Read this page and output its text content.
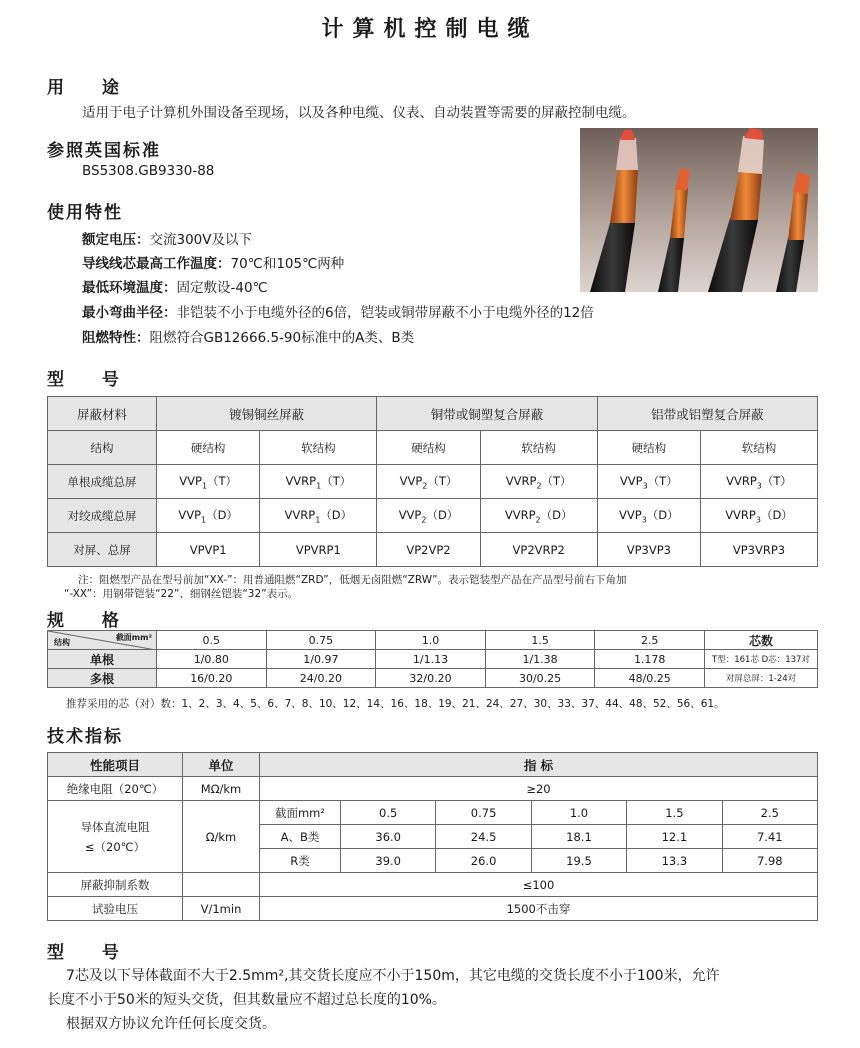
计算机控制电缆
用 途
适用于电子计算机外围设备至现场，以及各种电缆、仪表、自动装置等需要的屏蔽控制电缆。
参照英国标准
BS5308.GB9330-88
使用特性
额定电压：交流300V及以下
导线线芯最高工作温度：70℃和105℃两种
最低环境温度：固定敷设-40℃
最小弯曲半径：非铠装不小于电缆外径的6倍，铠装或铜带屏蔽不小于电缆外径的12倍
阻燃特性：阻燃符合GB12666.5-90标准中的A类、B类
型 号
屏蔽材料	镀锡铜丝屏蔽		铜带或铜塑复合屏蔽		铝带或铝塑复合屏蔽	
结构	硬结构	软结构	硬结构	软结构	硬结构	软结构
单根成缆总屏	$VVP_1(T)$	$VVRP_1(T)$	$VVP_2(T)$	$VVRP_2(T)$	$VVP_3(T)$	$VVRP_3(T)$
对绞成缆总屏	$VVP_1(D)$	$VVRP_1(D)$	$VVP_2(D)$	$VVRP_2(D)$	$VVP_3(D)$	$VVRP_3(D)$
对屏、总屏	VPVP1	VPVRP1	VP2VP2	VP2VRP2	VP3VP3	VP3VRP3
注：阻燃型产品在型号前加“XX-”：用普通阻燃“ZRD”，低烟无卤阻燃“ZRW”。表示铠装型产品在产品型号前右下角加
“-XX”：用钢带铠装“22”、细钢丝铠装“32”表示。
规 格
截面mm²
结构	0.5	0.75	1.0	1.5	2.5	芯数
单根	1/0.80	1/0.97	1/1.13	1/1.38	1.178	T型：161芯 D芯：137对
多根	16/0.20	24/0.20	32/0.20	30/0.25	48/0.25	对屏总屏：1-24对
推荐采用的芯（对）数：1、2、3、4、5、6、7、8、10、12、14、16、18、19、21、24、27、30、33、37、44、48、52、56、61。
技术指标
性能项目	单位	指 标					
绝缘电阻（20℃）	MΩ/km	≥20					

导体直流电阻
≤（20℃）	Ω/km	截面mm²	0.5	0.75	1.0	1.5	2.5
		A、B类	36.0	24.5	18.1	12.1	7.41
		R类	39.0	26.0	19.5	13.3	7.98
屏蔽抑制系数		≤100					
试验电压	V/1min	1500不击穿					
型 号
7芯及以下导体截面不大于2.5mm²,其交货长度应不小于150m，其它电缆的交货长度不小于100米，允许
长度不小于50米的短头交货，但其数量应不超过总长度的10%。
根据双方协议允许任何长度交货。
